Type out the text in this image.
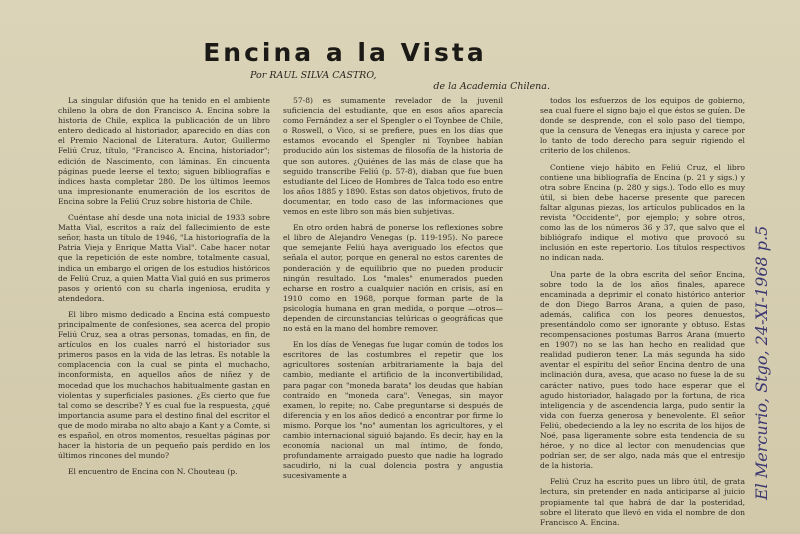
Encina a la Vista
Por RAUL SILVA CASTRO,
de la Academia Chilena.

La singular difusión que ha tenido en el ambiente chileno la obra de don Francisco A. Encina sobre la historia de Chile, explica la publicación de un libro entero dedicado al historiador, aparecido en días con el Premio Nacional de Literatura. Autor, Guillermo Feliú Cruz, título, "Francisco A. Encina, historiador"; edición de Nascimento, con láminas. En cincuenta páginas puede leerse el texto; siguen bibliografías e índices hasta completar 280. De los últimos leemos una impresionante enumeración de los escritos de Encina sobre la Feliú Cruz sobre historia de Chile.

Cuéntase ahí desde una nota inicial de 1933 sobre Matta Vial, escritos a raíz del fallecimiento de este señor, hasta un título de 1946, "La historiografía de la Patria Vieja y Enrique Matta Vial". Cabe hacer notar que la repetición de este nombre, totalmente casual, indica un embargo el origen de los estudios históricos de Feliú Cruz, a quien Matta Vial guió en sus primeros pasos y orientó con su charla ingeniosa, erudita y atendedora.

El libro mismo dedicado a Encina está compuesto principalmente de confesiones, sea acerca del propio Feliú Cruz, sea a otras personas, tomadas, en fin, de artículos en los cuales narró el historiador sus primeros pasos en la vida de las letras. Es notable la complacencia con la cual se pinta el muchacho, inconformista, en aquellos años de niñez y de mocedad que los muchachos habitualmente gastan en violentas y superficiales pasiones. ¿Es cierto que fue tal como se describe? Y es cual fue la respuesta, ¿qué importancia asume para el destino final del escritor el que de modo miraba no alto abajo a Kant y a Comte, si es español, en otros momentos, resueltas páginas por hacer la historia de un pequeño país perdido en los últimos rincones del mundo?

El encuentro de Encina con N. Chouteau (p.

57-8) es sumamente revelador de la juvenil suficiencia del estudiante, que en esos años aparecía como Fernández a ser el Spengler o el Toynbee de Chile, o Roswell, o Vico, si se prefiere, pues en los días que estamos evocando el Spengler ni Toynbee habían producido aún los sistemas de filosofía de la historia de que son autores. ¿Quiénes de las más de clase que ha seguido transcribe Feliú (p. 57-8), diaban que fue buen estudiante del Liceo de Hombres de Talca todo eso entre los años 1885 y 1890. Estas son datos objetivos, fruto de documentar, en todo caso de las informaciones que vemos en este libro son más bien subjetivas.

En otro orden habrá de ponerse los reflexiones sobre el libro de Alejandro Venegas (p. 119-195). No parece que semejante Feliú haya averiguado los efectos que señala el autor, porque en general no estos carentes de ponderación y de equilibrio que no pueden producir ningún resultado. Los "males" enumerados pueden echarse en rostro a cualquier nación en crisis, así en 1910 como en 1968, porque forman parte de la psicología humana en gran medida, o porque —otros— dependen de circunstancias telúricas o geográficas que no está en la mano del hombre remover.

En los días de Venegas fue lugar común de todos los escritores de las costumbres el repetir que los agricultores sostenían arbitrariamente la baja del cambio, mediante el artificio de la inconvertibilidad, para pagar con "moneda barata" los deudas que habían contraído en "moneda cara". Venegas, sin mayor examen, lo repite; no. Cabe preguntarse si después de diferencia y en los años dedicó a encontrar por firme lo mismo. Porque los "no" aumentan los agricultores, y el cambio internacional siguió bajando. Es decir, hay en la economía nacional un mal íntimo, de fondo, profundamente arraigado puesto que nadie ha logrado sacudirlo, ni la cual dolencia postra y angustia sucesivamente a

todos los esfuerzos de los equipos de gobierno, sea cual fuere el signo bajo el que éstos se guíen. De donde se desprende, con el solo paso del tiempo, que la censura de Venegas era injusta y carece por lo tanto de todo derecho para seguir rigiendo el criterio de los chilenos.

Contiene viejo hábito en Feliú Cruz, el libro contiene una bibliografía de Encina (p. 21 y sigs.) y otra sobre Encina (p. 280 y sigs.). Todo ello es muy útil, si bien debe hacerse presente que parecen faltar algunas piezas, los artículos publicados en la revista "Occidente", por ejemplo; y sobre otros, como las de los números 36 y 37, que salvo que el bibliógrafo indique el motivo que provocó su inclusión en este repertorio. Los títulos respectivos no indican nada.

Una parte de la obra escrita del señor Encina, sobre todo la de los años finales, aparece encaminada a deprimir el conato histórico anterior de don Diego Barros Arana, a quien de paso, además, califica con los peores denuestos, presentándolo como ser ignorante y obtuso. Estas recompensaciones postumas Barros Arana (muerto en 1907) no se las han hecho en realidad que realidad pudieron tener. La más segunda ha sido aventar el espíritu del señor Encina dentro de una inclinación dura, avesa, que acaso no fuese la de su carácter nativo, pues todo hace esperar que el agudo historiador, halagado por la fortuna, de rica inteligencia y de ascendencia larga, pudo sentir la vida con fuerza generosa y benevolente. El señor Feliú, obedeciendo a la ley no escrita de los hijos de Noé, pasa ligeramente sobre esta tendencia de su héroe, y no dice al lector con menudencias que podrían ser, de ser algo, nada más que el entresijo de la historia.

Feliú Cruz ha escrito pues un libro útil, de grata lectura, sin pretender en nada anticiparse al juicio propiamente tal que habrá de dar la posteridad, sobre el literato que llevó en vida el nombre de don Francisco A. Encina.

El Mercurio, Stgo, 24-XI-1968 p.5
